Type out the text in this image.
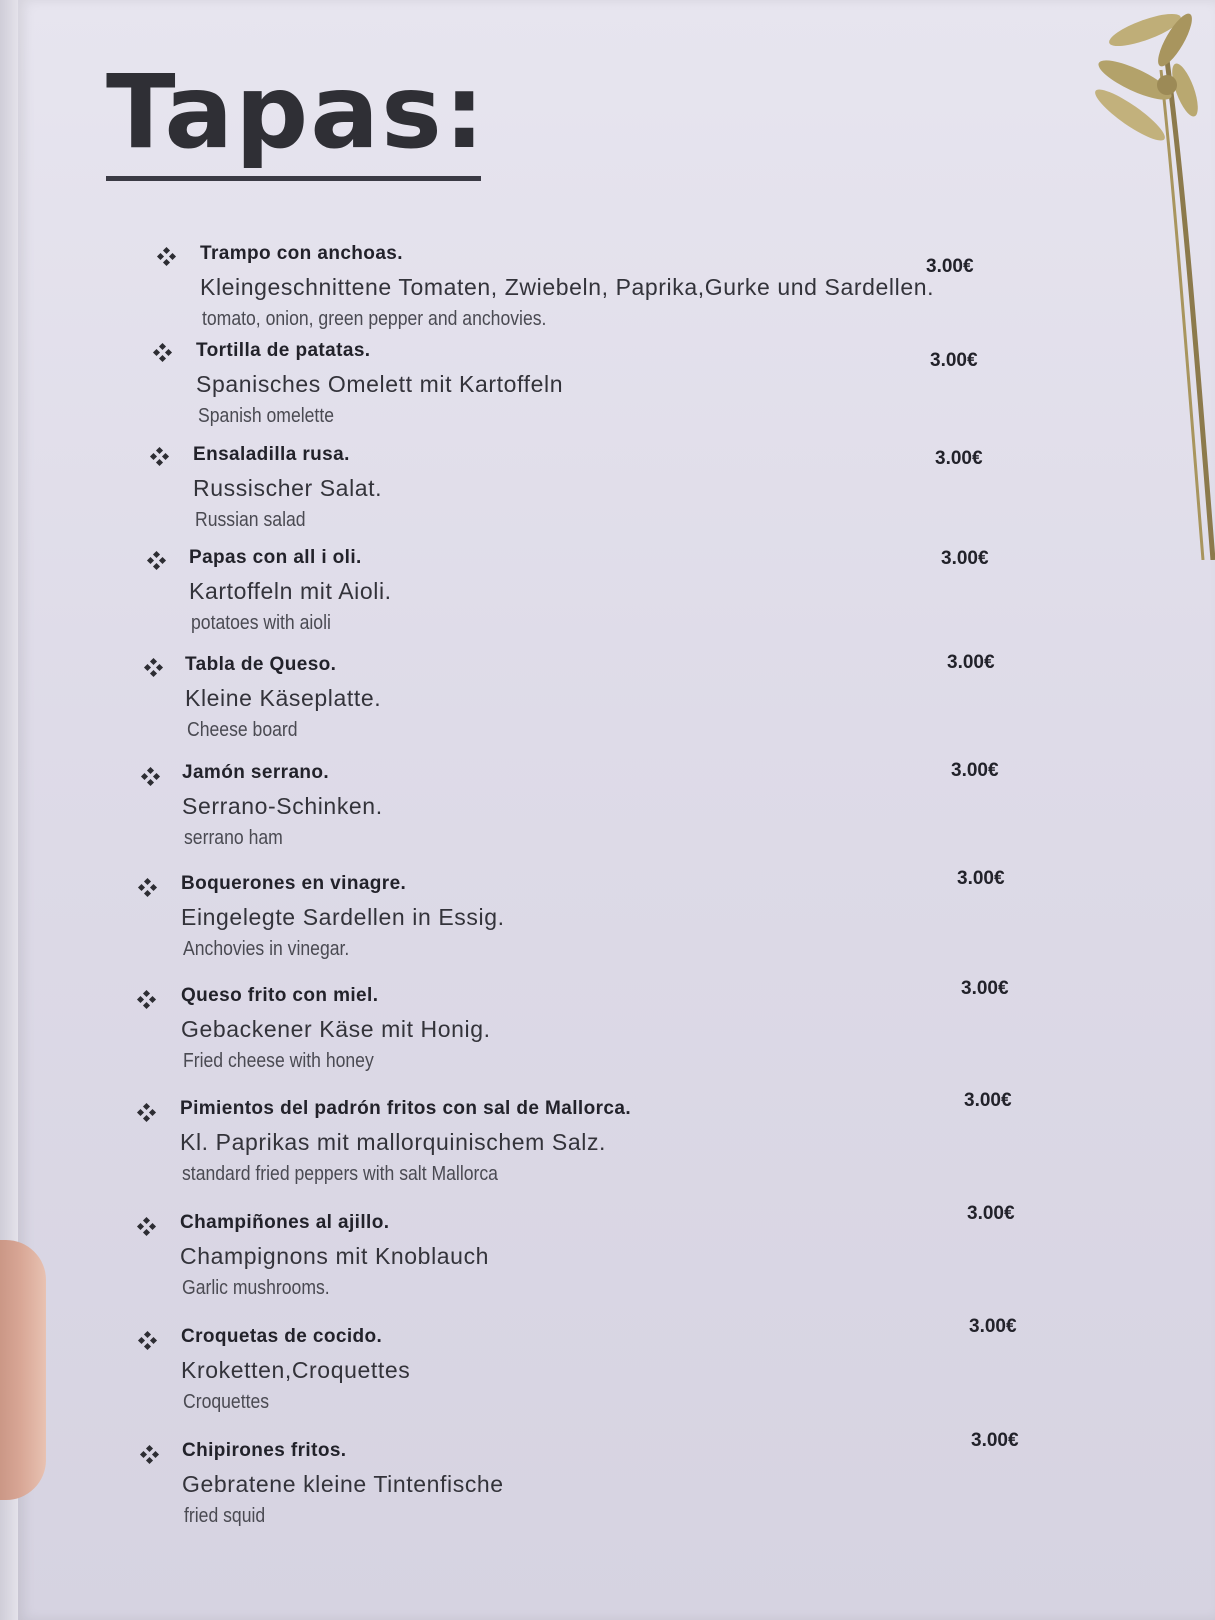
Tapas:
Trampo con anchoas.
Kleingeschnittene Tomaten, Zwiebeln, Paprika,Gurke und Sardellen.
tomato, onion, green pepper and anchovies.
3.00€
Tortilla de patatas.
Spanisches Omelett mit Kartoffeln
Spanish omelette
3.00€
Ensaladilla rusa.
Russischer Salat.
Russian salad
3.00€
Papas con all i oli.
Kartoffeln mit Aioli.
potatoes with aioli
3.00€
Tabla de Queso.
Kleine Käseplatte.
Cheese board
3.00€
Jamón serrano.
Serrano-Schinken.
serrano ham
3.00€
Boquerones en vinagre.
Eingelegte Sardellen in Essig.
Anchovies in vinegar.
3.00€
Queso frito con miel.
Gebackener Käse mit Honig.
Fried cheese with honey
3.00€
Pimientos del padrón fritos con sal de Mallorca.
Kl. Paprikas mit mallorquinischem Salz.
standard fried peppers with salt Mallorca
3.00€
Champiñones al ajillo.
Champignons mit Knoblauch
Garlic mushrooms.
3.00€
Croquetas de cocido.
Kroketten,Croquettes
Croquettes
3.00€
Chipirones fritos.
Gebratene kleine Tintenfische
fried squid
3.00€
